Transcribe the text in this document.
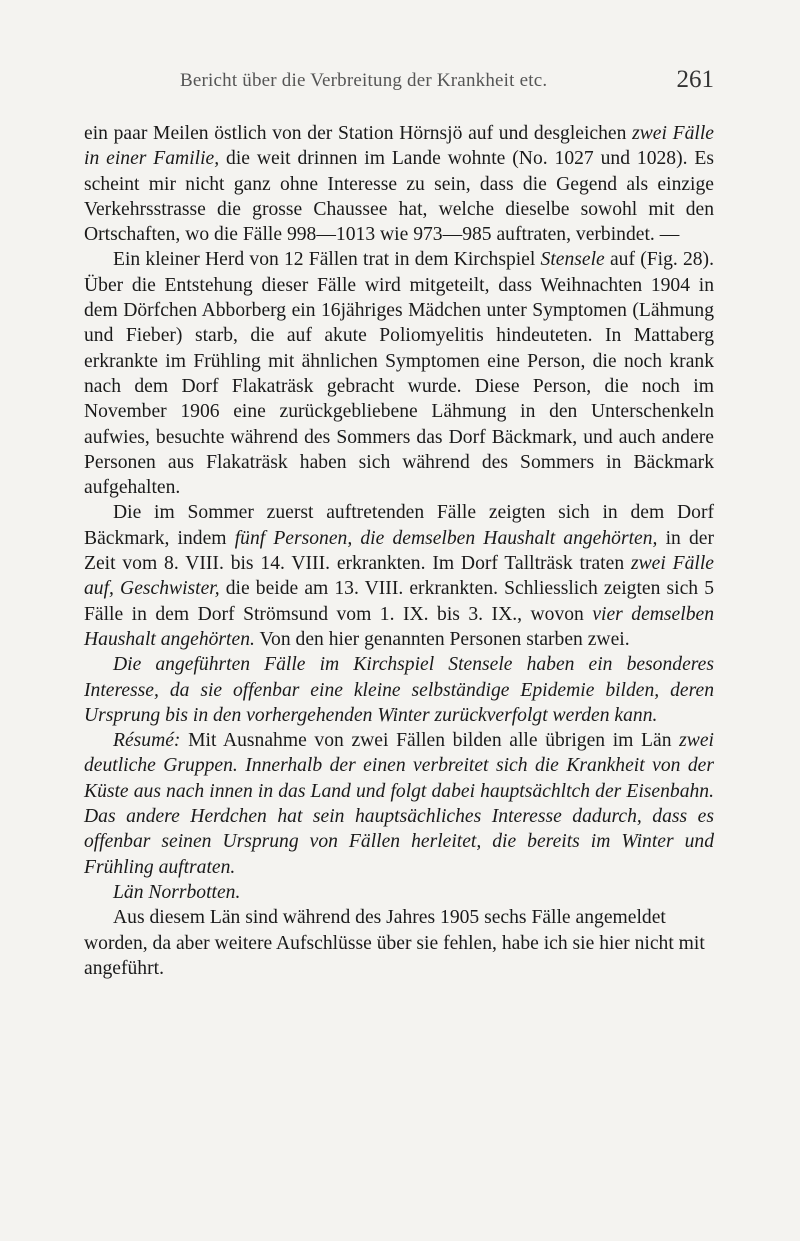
Bericht über die Verbreitung der Krankheit etc.	261

ein paar Meilen östlich von der Station Hörnsjö auf und desgleichen zwei Fälle in einer Familie, die weit drinnen im Lande wohnte (No. 1027 und 1028). Es scheint mir nicht ganz ohne Interesse zu sein, dass die Gegend als einzige Verkehrsstrasse die grosse Chaussee hat, welche dieselbe sowohl mit den Ortschaften, wo die Fälle 998—1013 wie 973—985 auftraten, verbindet. —

Ein kleiner Herd von 12 Fällen trat in dem Kirchspiel Stensele auf (Fig. 28). Über die Entstehung dieser Fälle wird mitgeteilt, dass Weihnachten 1904 in dem Dörfchen Abborberg ein 16jähriges Mädchen unter Symptomen (Lähmung und Fieber) starb, die auf akute Poliomyelitis hindeuteten. In Mattaberg erkrankte im Frühling mit ähnlichen Symptomen eine Person, die noch krank nach dem Dorf Flakaträsk gebracht wurde. Diese Person, die noch im November 1906 eine zurückgebliebene Lähmung in den Unterschenkeln aufwies, besuchte während des Sommers das Dorf Bäckmark, und auch andere Personen aus Flakaträsk haben sich während des Sommers in Bäckmark aufgehalten.

Die im Sommer zuerst auftretenden Fälle zeigten sich in dem Dorf Bäckmark, indem fünf Personen, die demselben Haushalt angehörten, in der Zeit vom 8. VIII. bis 14. VIII. erkrankten. Im Dorf Tallträsk traten zwei Fälle auf, Geschwister, die beide am 13. VIII. erkrankten. Schliesslich zeigten sich 5 Fälle in dem Dorf Strömsund vom 1. IX. bis 3. IX., wovon vier demselben Haushalt angehörten. Von den hier genannten Personen starben zwei.

Die angeführten Fälle im Kirchspiel Stensele haben ein besonderes Interesse, da sie offenbar eine kleine selbständige Epidemie bilden, deren Ursprung bis in den vorhergehenden Winter zurückverfolgt werden kann.

Résumé: Mit Ausnahme von zwei Fällen bilden alle übrigen im Län zwei deutliche Gruppen. Innerhalb der einen verbreitet sich die Krankheit von der Küste aus nach innen in das Land und folgt dabei hauptsächltch der Eisenbahn. Das andere Herdchen hat sein hauptsächliches Interesse dadurch, dass es offenbar seinen Ursprung von Fällen herleitet, die bereits im Winter und Frühling auftraten.

Län Norrbotten.

Aus diesem Län sind während des Jahres 1905 sechs Fälle angemeldet worden, da aber weitere Aufschlüsse über sie fehlen, habe ich sie hier nicht mit angeführt.
